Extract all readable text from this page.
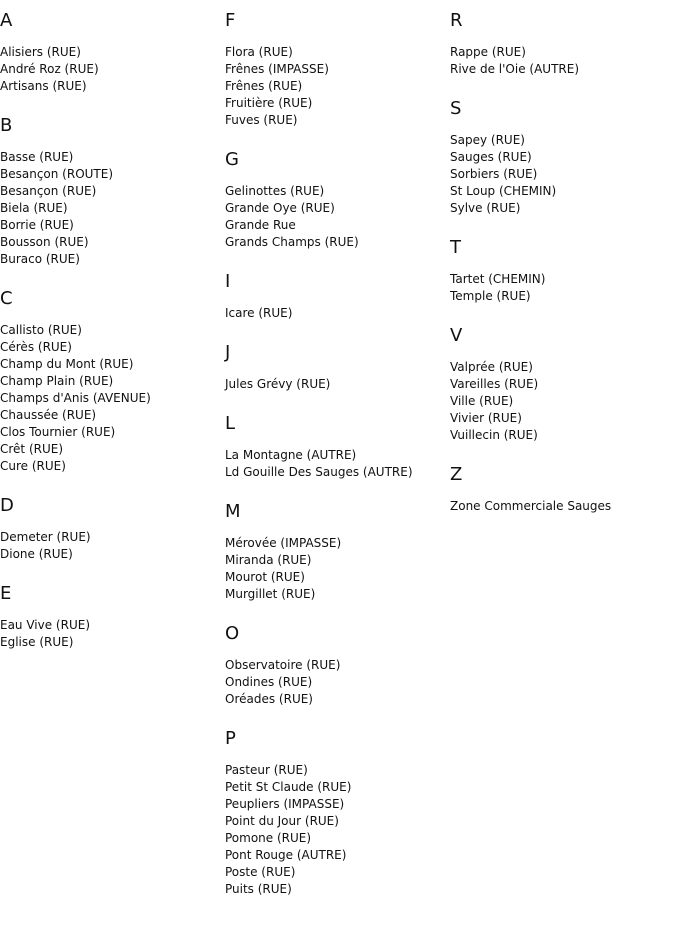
A
Alisiers (RUE)
André Roz (RUE)
Artisans (RUE)
B
Basse (RUE)
Besançon (ROUTE)
Besançon (RUE)
Biela (RUE)
Borrie (RUE)
Bousson (RUE)
Buraco (RUE)
C
Callisto (RUE)
Cérès (RUE)
Champ du Mont (RUE)
Champ Plain (RUE)
Champs d'Anis (AVENUE)
Chaussée (RUE)
Clos Tournier (RUE)
Crêt (RUE)
Cure (RUE)
D
Demeter (RUE)
Dione (RUE)
E
Eau Vive (RUE)
Eglise (RUE)
F
Flora (RUE)
Frênes (IMPASSE)
Frênes (RUE)
Fruitière (RUE)
Fuves (RUE)
G
Gelinottes (RUE)
Grande Oye (RUE)
Grande Rue
Grands Champs (RUE)
I
Icare (RUE)
J
Jules Grévy (RUE)
L
La Montagne (AUTRE)
Ld Gouille Des Sauges (AUTRE)
M
Mérovée (IMPASSE)
Miranda (RUE)
Mourot (RUE)
Murgillet (RUE)
O
Observatoire (RUE)
Ondines (RUE)
Oréades (RUE)
P
Pasteur (RUE)
Petit St Claude (RUE)
Peupliers (IMPASSE)
Point du Jour (RUE)
Pomone (RUE)
Pont Rouge (AUTRE)
Poste (RUE)
Puits (RUE)
R
Rappe (RUE)
Rive de l'Oie (AUTRE)
S
Sapey (RUE)
Sauges (RUE)
Sorbiers (RUE)
St Loup (CHEMIN)
Sylve (RUE)
T
Tartet (CHEMIN)
Temple (RUE)
V
Valprée (RUE)
Vareilles (RUE)
Ville (RUE)
Vivier (RUE)
Vuillecin (RUE)
Z
Zone Commerciale Sauges
